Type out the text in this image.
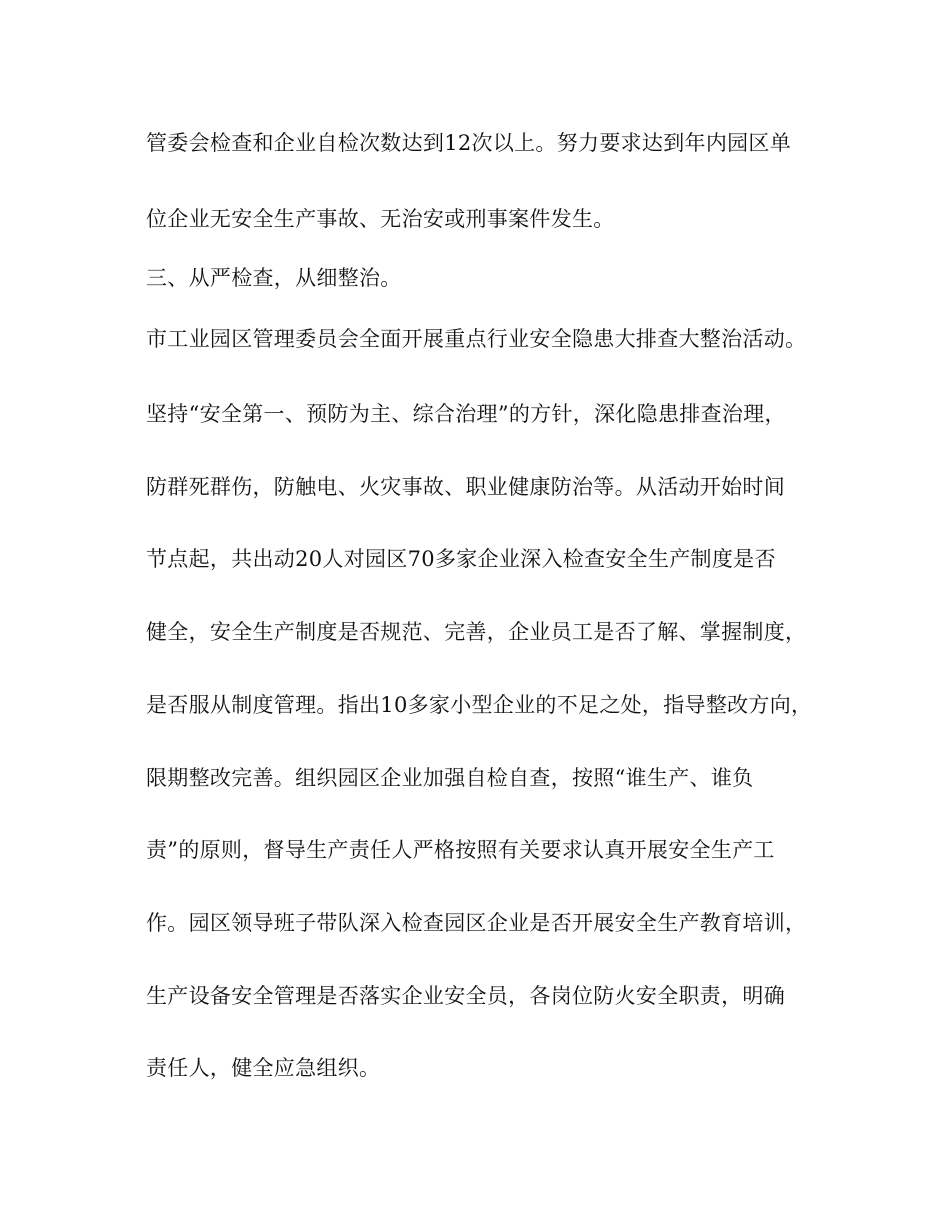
管委会检查和企业自检次数达到12次以上。努力要求达到年内园区单
位企业无安全生产事故、无治安或刑事案件发生。
三、从严检查，从细整治。
市工业园区管理委员会全面开展重点行业安全隐患大排查大整治活动。
坚持“安全第一、预防为主、综合治理”的方针，深化隐患排查治理，
防群死群伤，防触电、火灾事故、职业健康防治等。从活动开始时间
节点起，共出动20人对园区70多家企业深入检查安全生产制度是否
健全，安全生产制度是否规范、完善，企业员工是否了解、掌握制度，
是否服从制度管理。指出10多家小型企业的不足之处，指导整改方向，
限期整改完善。组织园区企业加强自检自查，按照“谁生产、谁负
责”的原则，督导生产责任人严格按照有关要求认真开展安全生产工
作。园区领导班子带队深入检查园区企业是否开展安全生产教育培训，
生产设备安全管理是否落实企业安全员，各岗位防火安全职责，明确
责任人，健全应急组织。
